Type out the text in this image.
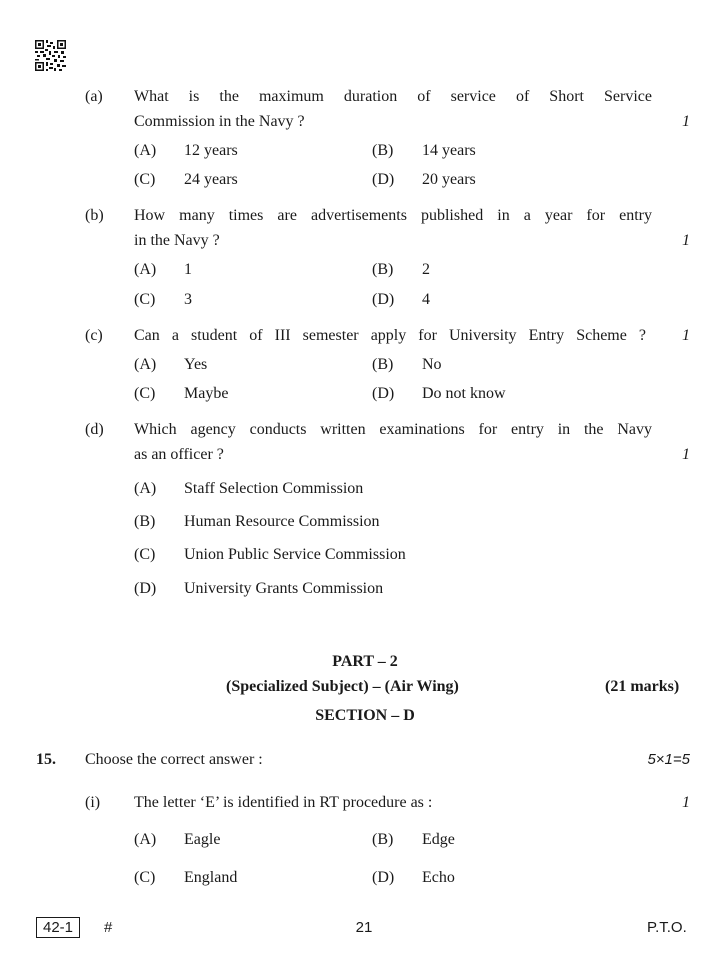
(a) What is the maximum duration of service of Short Service
Commission in the Navy ?	1
(A) 12 years	(B) 14 years
(C) 24 years	(D) 20 years
(b) How many times are advertisements published in a year for entry
in the Navy ?	1
(A) 1	(B) 2
(C) 3	(D) 4
(c) Can a student of III semester apply for University Entry Scheme ?	1
(A) Yes	(B) No
(C) Maybe	(D) Do not know
(d) Which agency conducts written examinations for entry in the Navy
as an officer ?	1
(A) Staff Selection Commission
(B) Human Resource Commission
(C) Union Public Service Commission
(D) University Grants Commission
PART – 2
(Specialized Subject) – (Air Wing)	(21 marks)
SECTION – D
15. Choose the correct answer :	5×1=5
(i) The letter ‘E’ is identified in RT procedure as :	1
(A) Eagle	(B) Edge
(C) England	(D) Echo
42-1	#	21	P.T.O.
